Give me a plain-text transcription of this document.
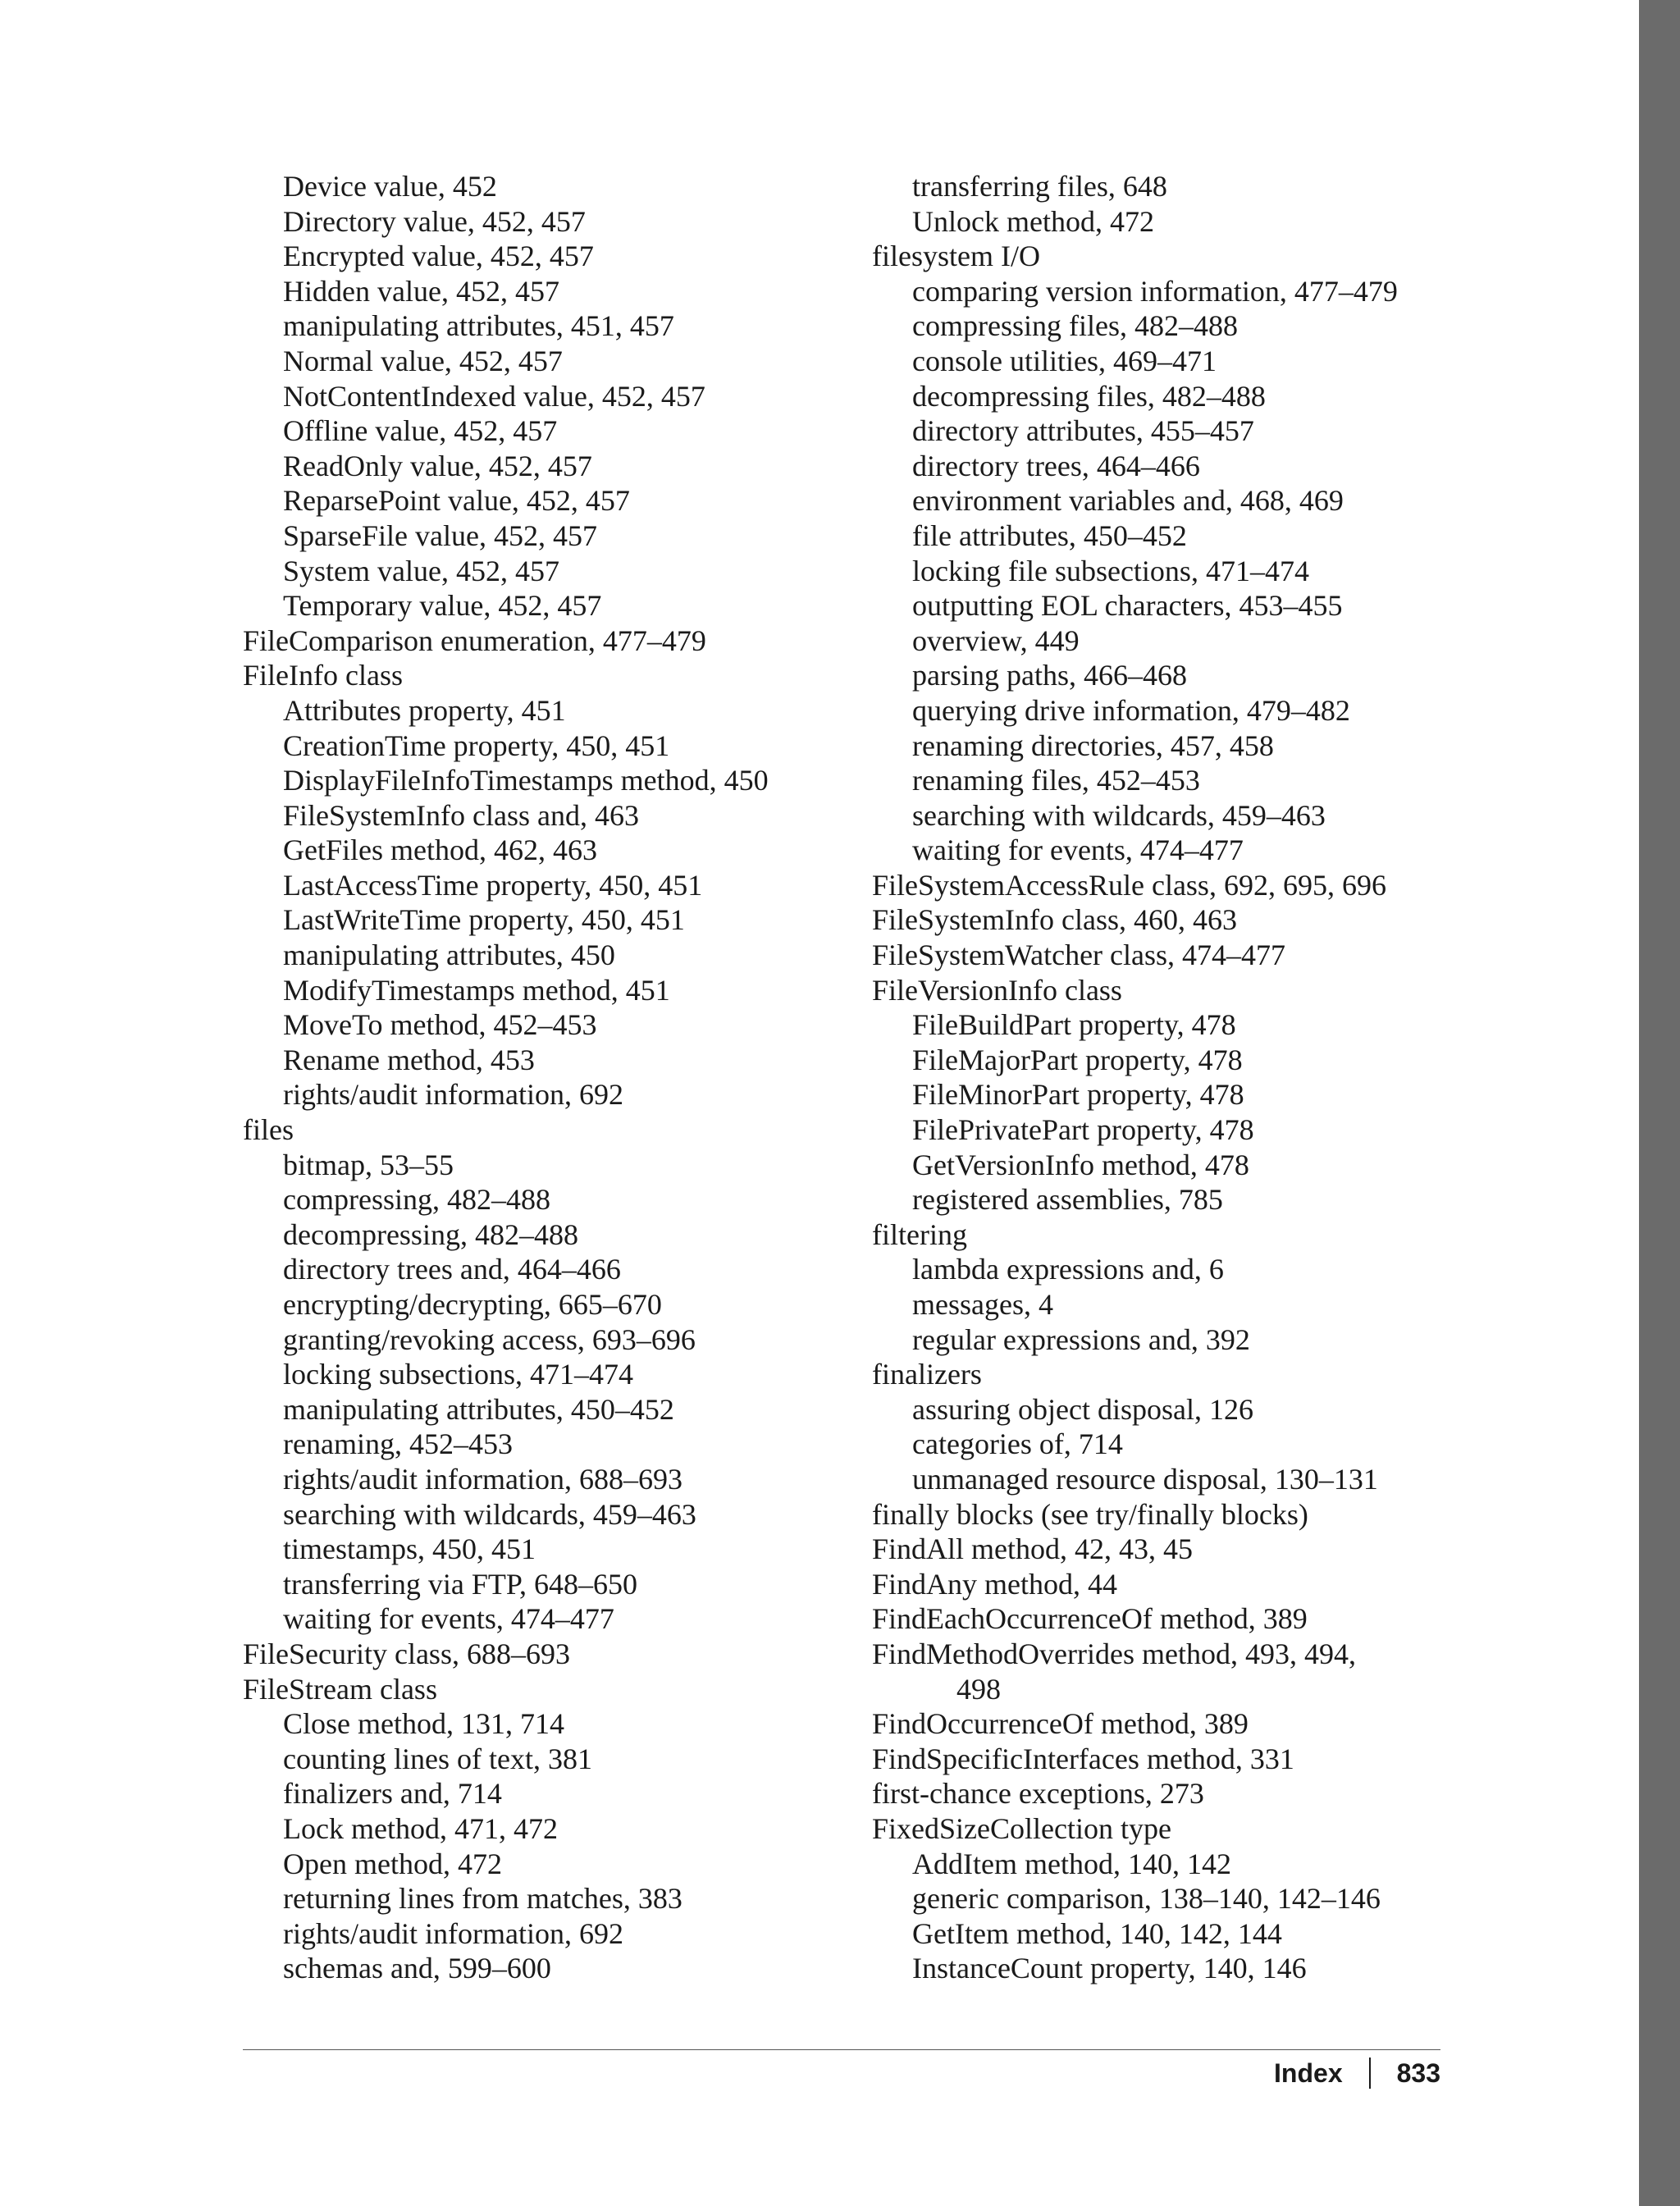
Device value, 452
Directory value, 452, 457
Encrypted value, 452, 457
Hidden value, 452, 457
manipulating attributes, 451, 457
Normal value, 452, 457
NotContentIndexed value, 452, 457
Offline value, 452, 457
ReadOnly value, 452, 457
ReparsePoint value, 452, 457
SparseFile value, 452, 457
System value, 452, 457
Temporary value, 452, 457
FileComparison enumeration, 477–479
FileInfo class
Attributes property, 451
CreationTime property, 450, 451
DisplayFileInfoTimestamps method, 450
FileSystemInfo class and, 463
GetFiles method, 462, 463
LastAccessTime property, 450, 451
LastWriteTime property, 450, 451
manipulating attributes, 450
ModifyTimestamps method, 451
MoveTo method, 452–453
Rename method, 453
rights/audit information, 692
files
bitmap, 53–55
compressing, 482–488
decompressing, 482–488
directory trees and, 464–466
encrypting/decrypting, 665–670
granting/revoking access, 693–696
locking subsections, 471–474
manipulating attributes, 450–452
renaming, 452–453
rights/audit information, 688–693
searching with wildcards, 459–463
timestamps, 450, 451
transferring via FTP, 648–650
waiting for events, 474–477
FileSecurity class, 688–693
FileStream class
Close method, 131, 714
counting lines of text, 381
finalizers and, 714
Lock method, 471, 472
Open method, 472
returning lines from matches, 383
rights/audit information, 692
schemas and, 599–600
transferring files, 648
Unlock method, 472
filesystem I/O
comparing version information, 477–479
compressing files, 482–488
console utilities, 469–471
decompressing files, 482–488
directory attributes, 455–457
directory trees, 464–466
environment variables and, 468, 469
file attributes, 450–452
locking file subsections, 471–474
outputting EOL characters, 453–455
overview, 449
parsing paths, 466–468
querying drive information, 479–482
renaming directories, 457, 458
renaming files, 452–453
searching with wildcards, 459–463
waiting for events, 474–477
FileSystemAccessRule class, 692, 695, 696
FileSystemInfo class, 460, 463
FileSystemWatcher class, 474–477
FileVersionInfo class
FileBuildPart property, 478
FileMajorPart property, 478
FileMinorPart property, 478
FilePrivatePart property, 478
GetVersionInfo method, 478
registered assemblies, 785
filtering
lambda expressions and, 6
messages, 4
regular expressions and, 392
finalizers
assuring object disposal, 126
categories of, 714
unmanaged resource disposal, 130–131
finally blocks (see try/finally blocks)
FindAll method, 42, 43, 45
FindAny method, 44
FindEachOccurrenceOf method, 389
FindMethodOverrides method, 493, 494,
498
FindOccurrenceOf method, 389
FindSpecificInterfaces method, 331
first-chance exceptions, 273
FixedSizeCollection type
AddItem method, 140, 142
generic comparison, 138–140, 142–146
GetItem method, 140, 142, 144
InstanceCount property, 140, 146
Index 833
